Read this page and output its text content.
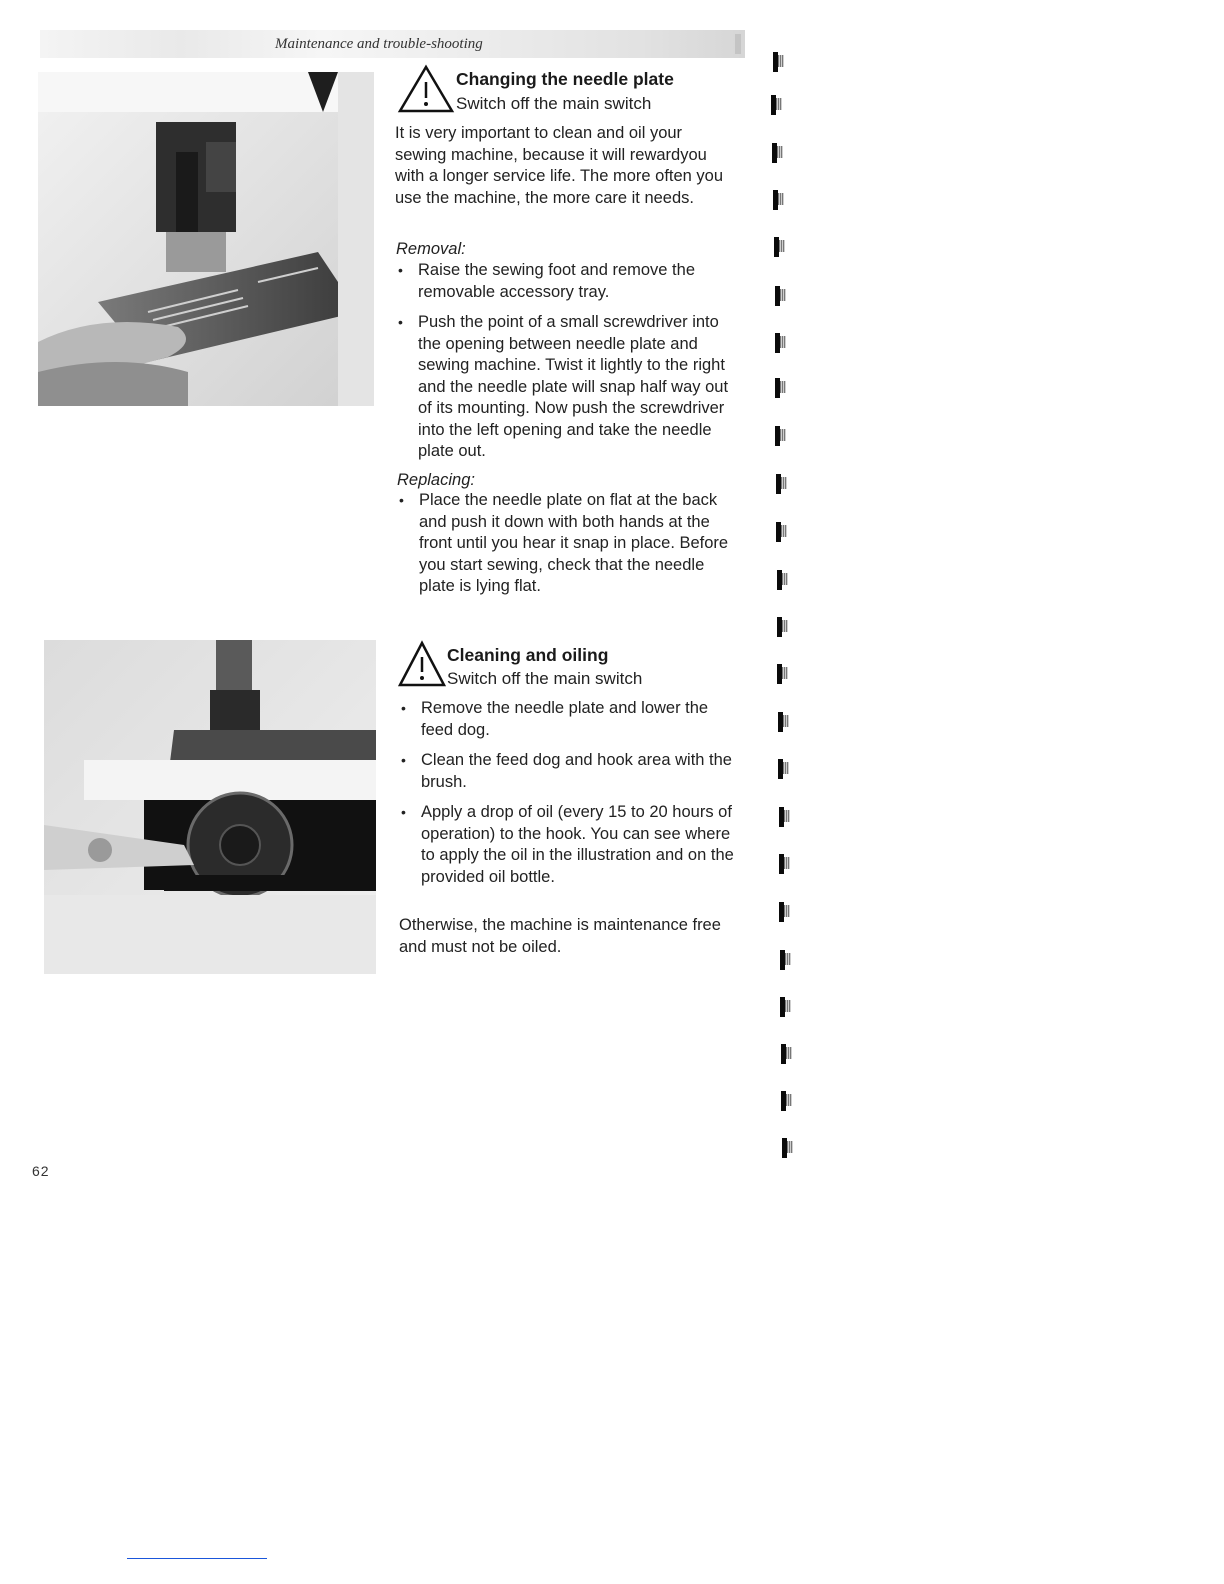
Maintenance and trouble-shooting
Changing the needle plate
Switch off the main switch
It is very important to clean and oil your sewing machine, because it will rewardyou with a longer service life. The more often you use the machine, the more care it needs.
Removal:
• Raise the sewing foot and remove the removable accessory tray.
• Push the point of a small screwdriver into the opening between needle plate and sewing machine. Twist it lightly to the right and the needle plate will snap half way out of its mounting. Now push the screwdriver into the left opening and take the needle plate out.
Replacing:
• Place the needle plate on flat at the back and push it down with both hands at the front until you hear it snap in place. Before you start sewing, check that the needle plate is lying flat.
Cleaning and oiling
Switch off the main switch
• Remove the needle plate and lower the feed dog.
• Clean the feed dog and hook area with the brush.
• Apply a drop of oil (every 15 to 20 hours of operation) to the hook. You can see where to apply the oil in the illustration and on the provided oil bottle.
Otherwise, the machine is maintenance free and must not be oiled.
62
